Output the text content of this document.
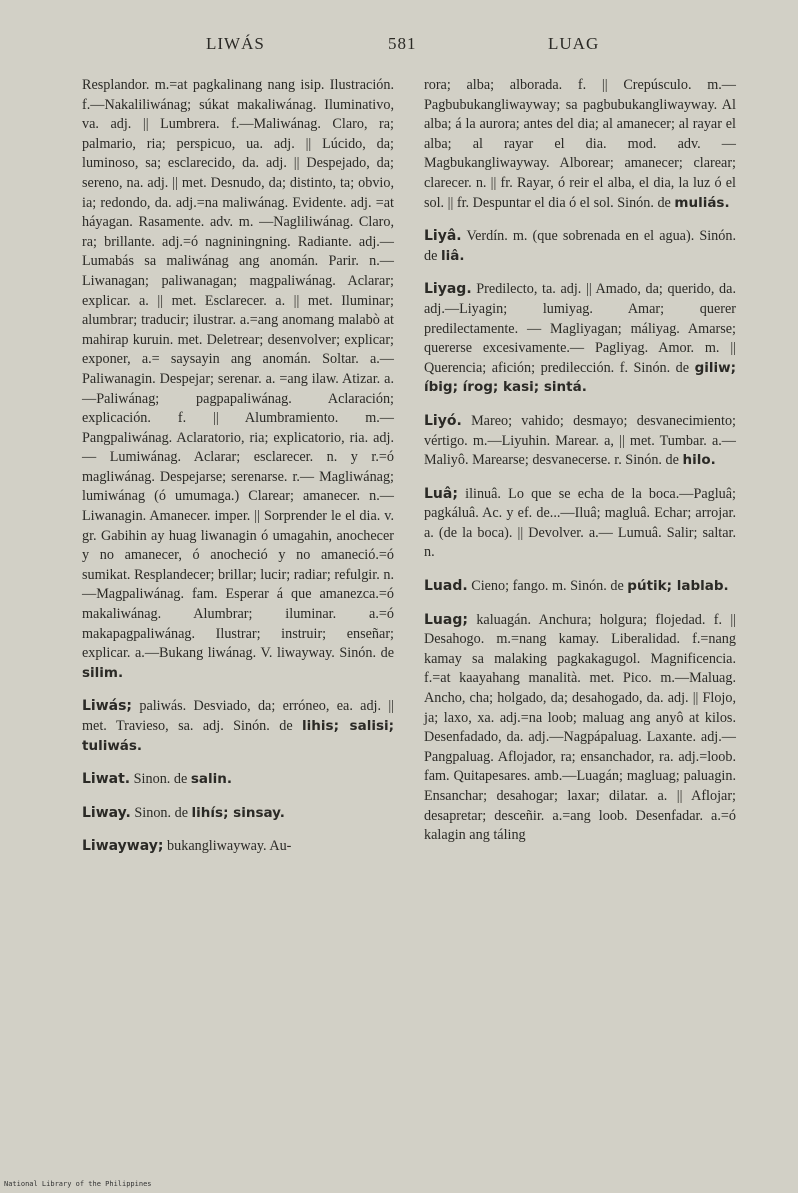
LIWÁS	581	LUAG

Resplandor. m.=at pagkalinang nang isip. Ilustración. f.—Nakaliliwánag; súkat makaliwánag. Iluminativo, va. adj. || Lumbrera. f.—Maliwánag. Claro, ra; palmario, ria; perspicuo, ua. adj. || Lúcido, da; luminoso, sa; esclarecido, da. adj. || Despejado, da; sereno, na. adj. || met. Desnudo, da; distinto, ta; obvio, ia; redondo, da. adj.=na maliwánag. Evidente. adj. =at háyagan. Rasamente. adv. m. —Nagliliwánag. Claro, ra; brillante. adj.=ó nagniningning. Radiante. adj.—Lumabás sa maliwánag ang anomán. Parir. n.—Liwanagan; paliwanagan; magpaliwánag. Aclarar; explicar. a. || met. Esclarecer. a. || met. Iluminar; alumbrar; traducir; ilustrar. a.=ang anomang malabò at mahirap kuruin. met. Deletrear; desenvolver; explicar; exponer, a.= saysayin ang anomán. Soltar. a.— Paliwanagin. Despejar; serenar. a. =ang ilaw. Atizar. a.—Paliwánag; pagpapaliwánag. Aclaración; explicación. f. || Alumbramiento. m.— Pangpaliwánag. Aclaratorio, ria; explicatorio, ria. adj. — Lumiwánag. Aclarar; esclarecer. n. y r.=ó magliwánag. Despejarse; serenarse. r.— Magliwánag; lumiwánag (ó umumaga.) Clarear; amanecer. n.—Liwanagin. Amanecer. imper. || Sorprender le el dia. v. gr. Gabihin ay huag liwanagin ó umagahin, anochecer y no amanecer, ó anocheció y no amaneció.=ó sumikat. Resplandecer; brillar; lucir; radiar; refulgir. n.—Magpaliwánag. fam. Esperar á que amanezca.=ó makaliwánag. Alumbrar; iluminar. a.=ó makapagpaliwánag. Ilustrar; instruir; enseñar; explicar. a.—Bukang liwánag. V. liwayway. Sinón. de silim.

Liwás; paliwás. Desviado, da; erróneo, ea. adj. || met. Travieso, sa. adj. Sinón. de lihis; salisi; tuliwás.

Liwat. Sinon. de salin.

Liway. Sinon. de lihís; sinsay.

Liwayway; bukangliwayway. Au-

rora; alba; alborada. f. || Crepúsculo. m.—Pagbubukangliwayway; sa pagbubukangliwayway. Al alba; á la aurora; antes del dia; al amanecer; al rayar el alba; al rayar el dia. mod. adv. — Magbukangliwayway. Alborear; amanecer; clarear; clarecer. n. || fr. Rayar, ó reir el alba, el dia, la luz ó el sol. || fr. Despuntar el dia ó el sol. Sinón. de muliás.

Liyâ. Verdín. m. (que sobrenada en el agua). Sinón. de liâ.

Liyag. Predilecto, ta. adj. || Amado, da; querido, da. adj.—Liyagin; lumiyag. Amar; querer predilectamente. — Magliyagan; máliyag. Amarse; quererse excesivamente.— Pagliyag. Amor. m. || Querencia; afición; predilección. f. Sinón. de giliw; íbig; írog; kasi; sintá.

Liyó. Mareo; vahido; desmayo; desvanecimiento; vértigo. m.—Liyuhin. Marear. a, || met. Tumbar. a.— Maliyô. Marearse; desvanecerse. r. Sinón. de hilo.

Luâ; ilinuâ. Lo que se echa de la boca.—Pagluâ; pagkáluâ. Ac. y ef. de...—Iluâ; magluâ. Echar; arrojar. a. (de la boca). || Devolver. a.— Lumuâ. Salir; saltar. n.

Luad. Cieno; fango. m. Sinón. de pútik; lablab.

Luag; kaluagán. Anchura; holgura; flojedad. f. || Desahogo. m.=nang kamay. Liberalidad. f.=nang kamay sa malaking pagkakagugol. Magnificencia. f.=at kaayahang manalità. met. Pico. m.—Maluag. Ancho, cha; holgado, da; desahogado, da. adj. || Flojo, ja; laxo, xa. adj.=na loob; maluag ang anyô at kilos. Desenfadado, da. adj.—Nagpápaluag. Laxante. adj.—Pangpaluag. Aflojador, ra; ensanchador, ra. adj.=loob. fam. Quitapesares. amb.—Luagán; magluag; paluagin. Ensanchar; desahogar; laxar; dilatar. a. || Aflojar; desapretar; desceñir. a.=ang loob. Desenfadar. a.=ó kalagin ang táling

National Library of the Philippines
